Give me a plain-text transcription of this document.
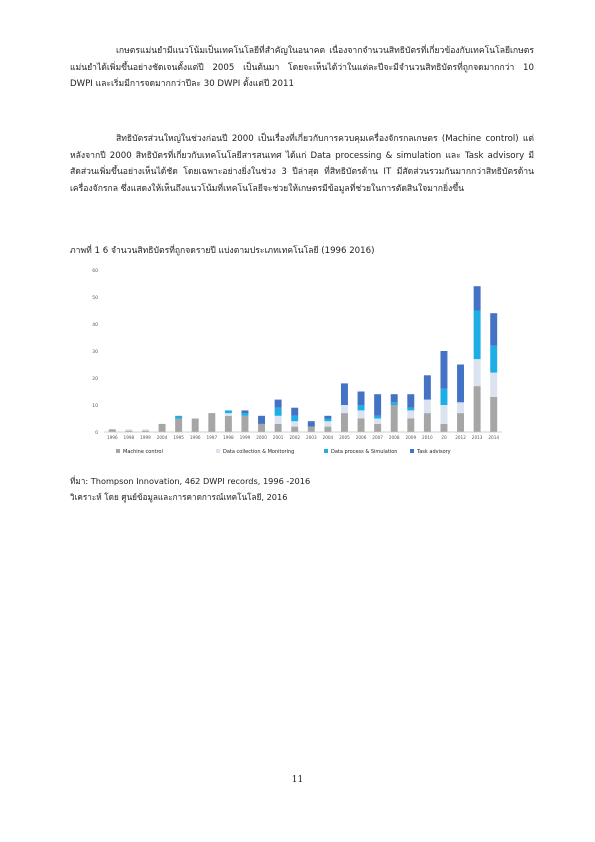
เกษตรแม่นยำมีแนวโน้มเป็นเทคโนโลยีที่สำคัญในอนาคต เนื่องจากจำนวนสิทธิบัตรที่เกี่ยวข้องกับเทคโนโลยีเกษตรแม่นยำได้เพิ่มขึ้นอย่างชัดเจนตั้งแต่ปี 2005 เป็นต้นมา โดยจะเห็นได้ว่าในแต่ละปีจะมีจำนวนสิทธิบัตรที่ถูกจดมากกว่า 10 DWPI และเริ่มมีการจดมากกว่าปีละ 30 DWPI ตั้งแต่ปี 2011

สิทธิบัตรส่วนใหญ่ในช่วงก่อนปี 2000 เป็นเรื่องที่เกี่ยวกับการควบคุมเครื่องจักรกลเกษตร (Machine control) แต่หลังจากปี 2000 สิทธิบัตรที่เกี่ยวกับเทคโนโลยีสารสนเทศ ได้แก่ Data processing & simulation และ Task advisory มีสัดส่วนเพิ่มขึ้นอย่างเห็นได้ชัด โดยเฉพาะอย่างยิ่งในช่วง 3 ปีล่าสุด ที่สิทธิบัตรด้าน IT มีสัดส่วนรวมกันมากกว่าสิทธิบัตรด้านเครื่องจักรกล ซึ่งแสดงให้เห็นถึงแนวโน้มที่เทคโนโลยีจะช่วยให้เกษตรมีข้อมูลที่ช่วยในการตัดสินใจมากยิ่งขึ้น

ภาพที่ 1 6 จำนวนสิทธิบัตรที่ถูกจดรายปี แบ่งตามประเภทเทคโนโลยี (1996 2016)

0
10
20
30
40
50
60
1996 1998 1999 2004 1995 1996 1997 1998 1999 2000 2001 2002 2003 2004 2005 2006 2007 2008 2009 2010 20 2012 2013 2014
Machine control	Data collection & Monitoring	Data process & Simulation	Task advisory

ที่มา: Thompson Innovation, 462 DWPI records, 1996 -2016

วิเคราะห์ โดย ศูนย์ข้อมูลและการคาดการณ์เทคโนโลยี, 2016

11
